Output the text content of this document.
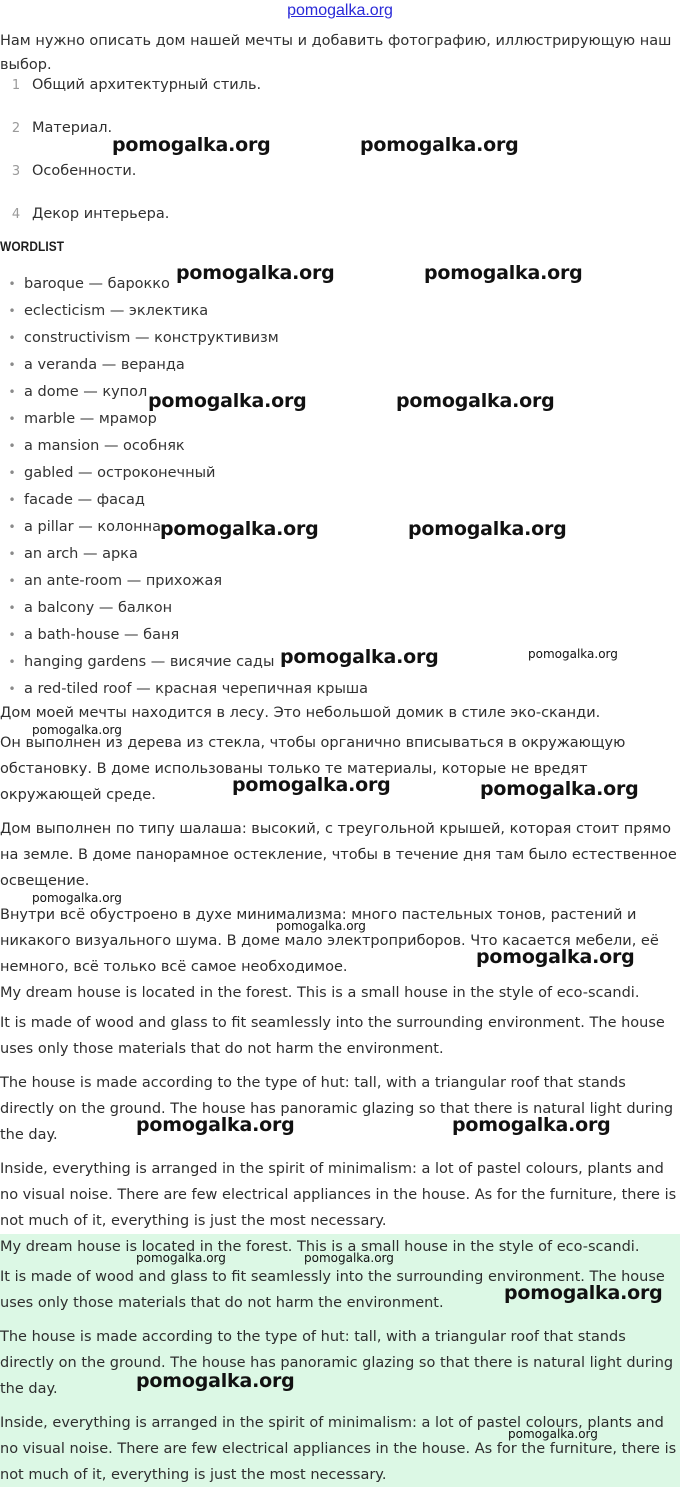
pomogalka.org

Нам нужно описать дом нашей мечты и добавить фотографию, иллюстрирующую наш выбор.

1 Общий архитектурный стиль.
2 Материал.
3 Особенности.
4 Декор интерьера.
WORDLIST
• baroque — барокко
• eclecticism — эклектика
• constructivism — конструктивизм
• a veranda — веранда
• a dome — купол
• marble — мрамор
• a mansion — особняк
• gabled — остроконечный
• facade — фасад
• a pillar — колонна
• an arch — арка
• an ante-room — прихожая
• a balcony — балкон
• a bath-house — баня
• hanging gardens — висячие сады
• a red-tiled roof — красная черепичная крыша

Дом моей мечты находится в лесу. Это небольшой домик в стиле эко-сканди.

Он выполнен из дерева из стекла, чтобы органично вписываться в окружающую обстановку. В доме использованы только те материалы, которые не вредят окружающей среде.

Дом выполнен по типу шалаша: высокий, с треугольной крышей, которая стоит прямо на земле. В доме панорамное остекление, чтобы в течение дня там было естественное освещение.

Внутри всё обустроено в духе минимализма: много пастельных тонов, растений и никакого визуального шума. В доме мало электроприборов. Что касается мебели, её немного, всё только всё самое необходимое.

My dream house is located in the forest. This is a small house in the style of eco-scandi.

It is made of wood and glass to fit seamlessly into the surrounding environment. The house uses only those materials that do not harm the environment.

The house is made according to the type of hut: tall, with a triangular roof that stands directly on the ground. The house has panoramic glazing so that there is natural light during the day.

Inside, everything is arranged in the spirit of minimalism: a lot of pastel colours, plants and no visual noise. There are few electrical appliances in the house. As for the furniture, there is not much of it, everything is just the most necessary.

My dream house is located in the forest. This is a small house in the style of eco-scandi.

It is made of wood and glass to fit seamlessly into the surrounding environment. The house uses only those materials that do not harm the environment.

The house is made according to the type of hut: tall, with a triangular roof that stands directly on the ground. The house has panoramic glazing so that there is natural light during the day.

Inside, everything is arranged in the spirit of minimalism: a lot of pastel colours, plants and no visual noise. There are few electrical appliances in the house. As for the furniture, there is not much of it, everything is just the most necessary.

pomogalka.org	pomogalka.org
pomogalka.org	pomogalka.org
pomogalka.org	pomogalka.org
pomogalka.org	pomogalka.org
pomogalka.org	pomogalka.org
pomogalka.org
pomogalka.org	pomogalka.org
pomogalka.org
pomogalka.org
pomogalka.org
pomogalka.org	pomogalka.org
pomogalka.org	pomogalka.org
pomogalka.org
pomogalka.org
pomogalka.org
